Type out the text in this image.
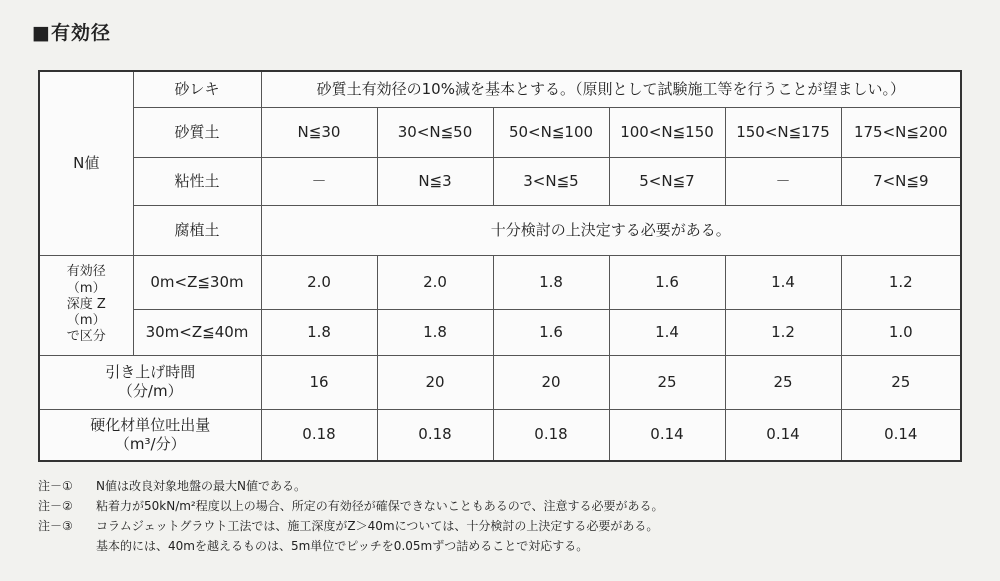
■有効径
N値	砂レキ	砂質土有効径の10%減を基本とする。（原則として試験施工等を行うことが望ましい。）					
	砂質土	N≦30	30<N≦50	50<N≦100	100<N≦150	150<N≦175	175<N≦200
	粘性土	－	N≦3	3<N≦5	5<N≦7	－	7<N≦9
	腐植土	十分検討の上決定する必要がある。					

有効径
（m）
深度 Z
（m）
で区分	0m<Z≦30m	2.0	2.0	1.8	1.6	1.4	1.2
	30m<Z≦40m	1.8	1.8	1.6	1.4	1.2	1.0

引き上げ時間
（分/m）		16	20	20	25	25	25

硬化材単位吐出量
（m³/分）		0.18	0.18	0.18	0.14	0.14	0.14
注－①	N値は改良対象地盤の最大N値である。
注－②	粘着力が50kN/m²程度以上の場合、所定の有効径が確保できないこともあるので、注意する必要がある。
注－③	コラムジェットグラウト工法では、施工深度がZ＞40mについては、十分検討の上決定する必要がある。
基本的には、40mを越えるものは、5m単位でピッチを0.05mずつ詰めることで対応する。
